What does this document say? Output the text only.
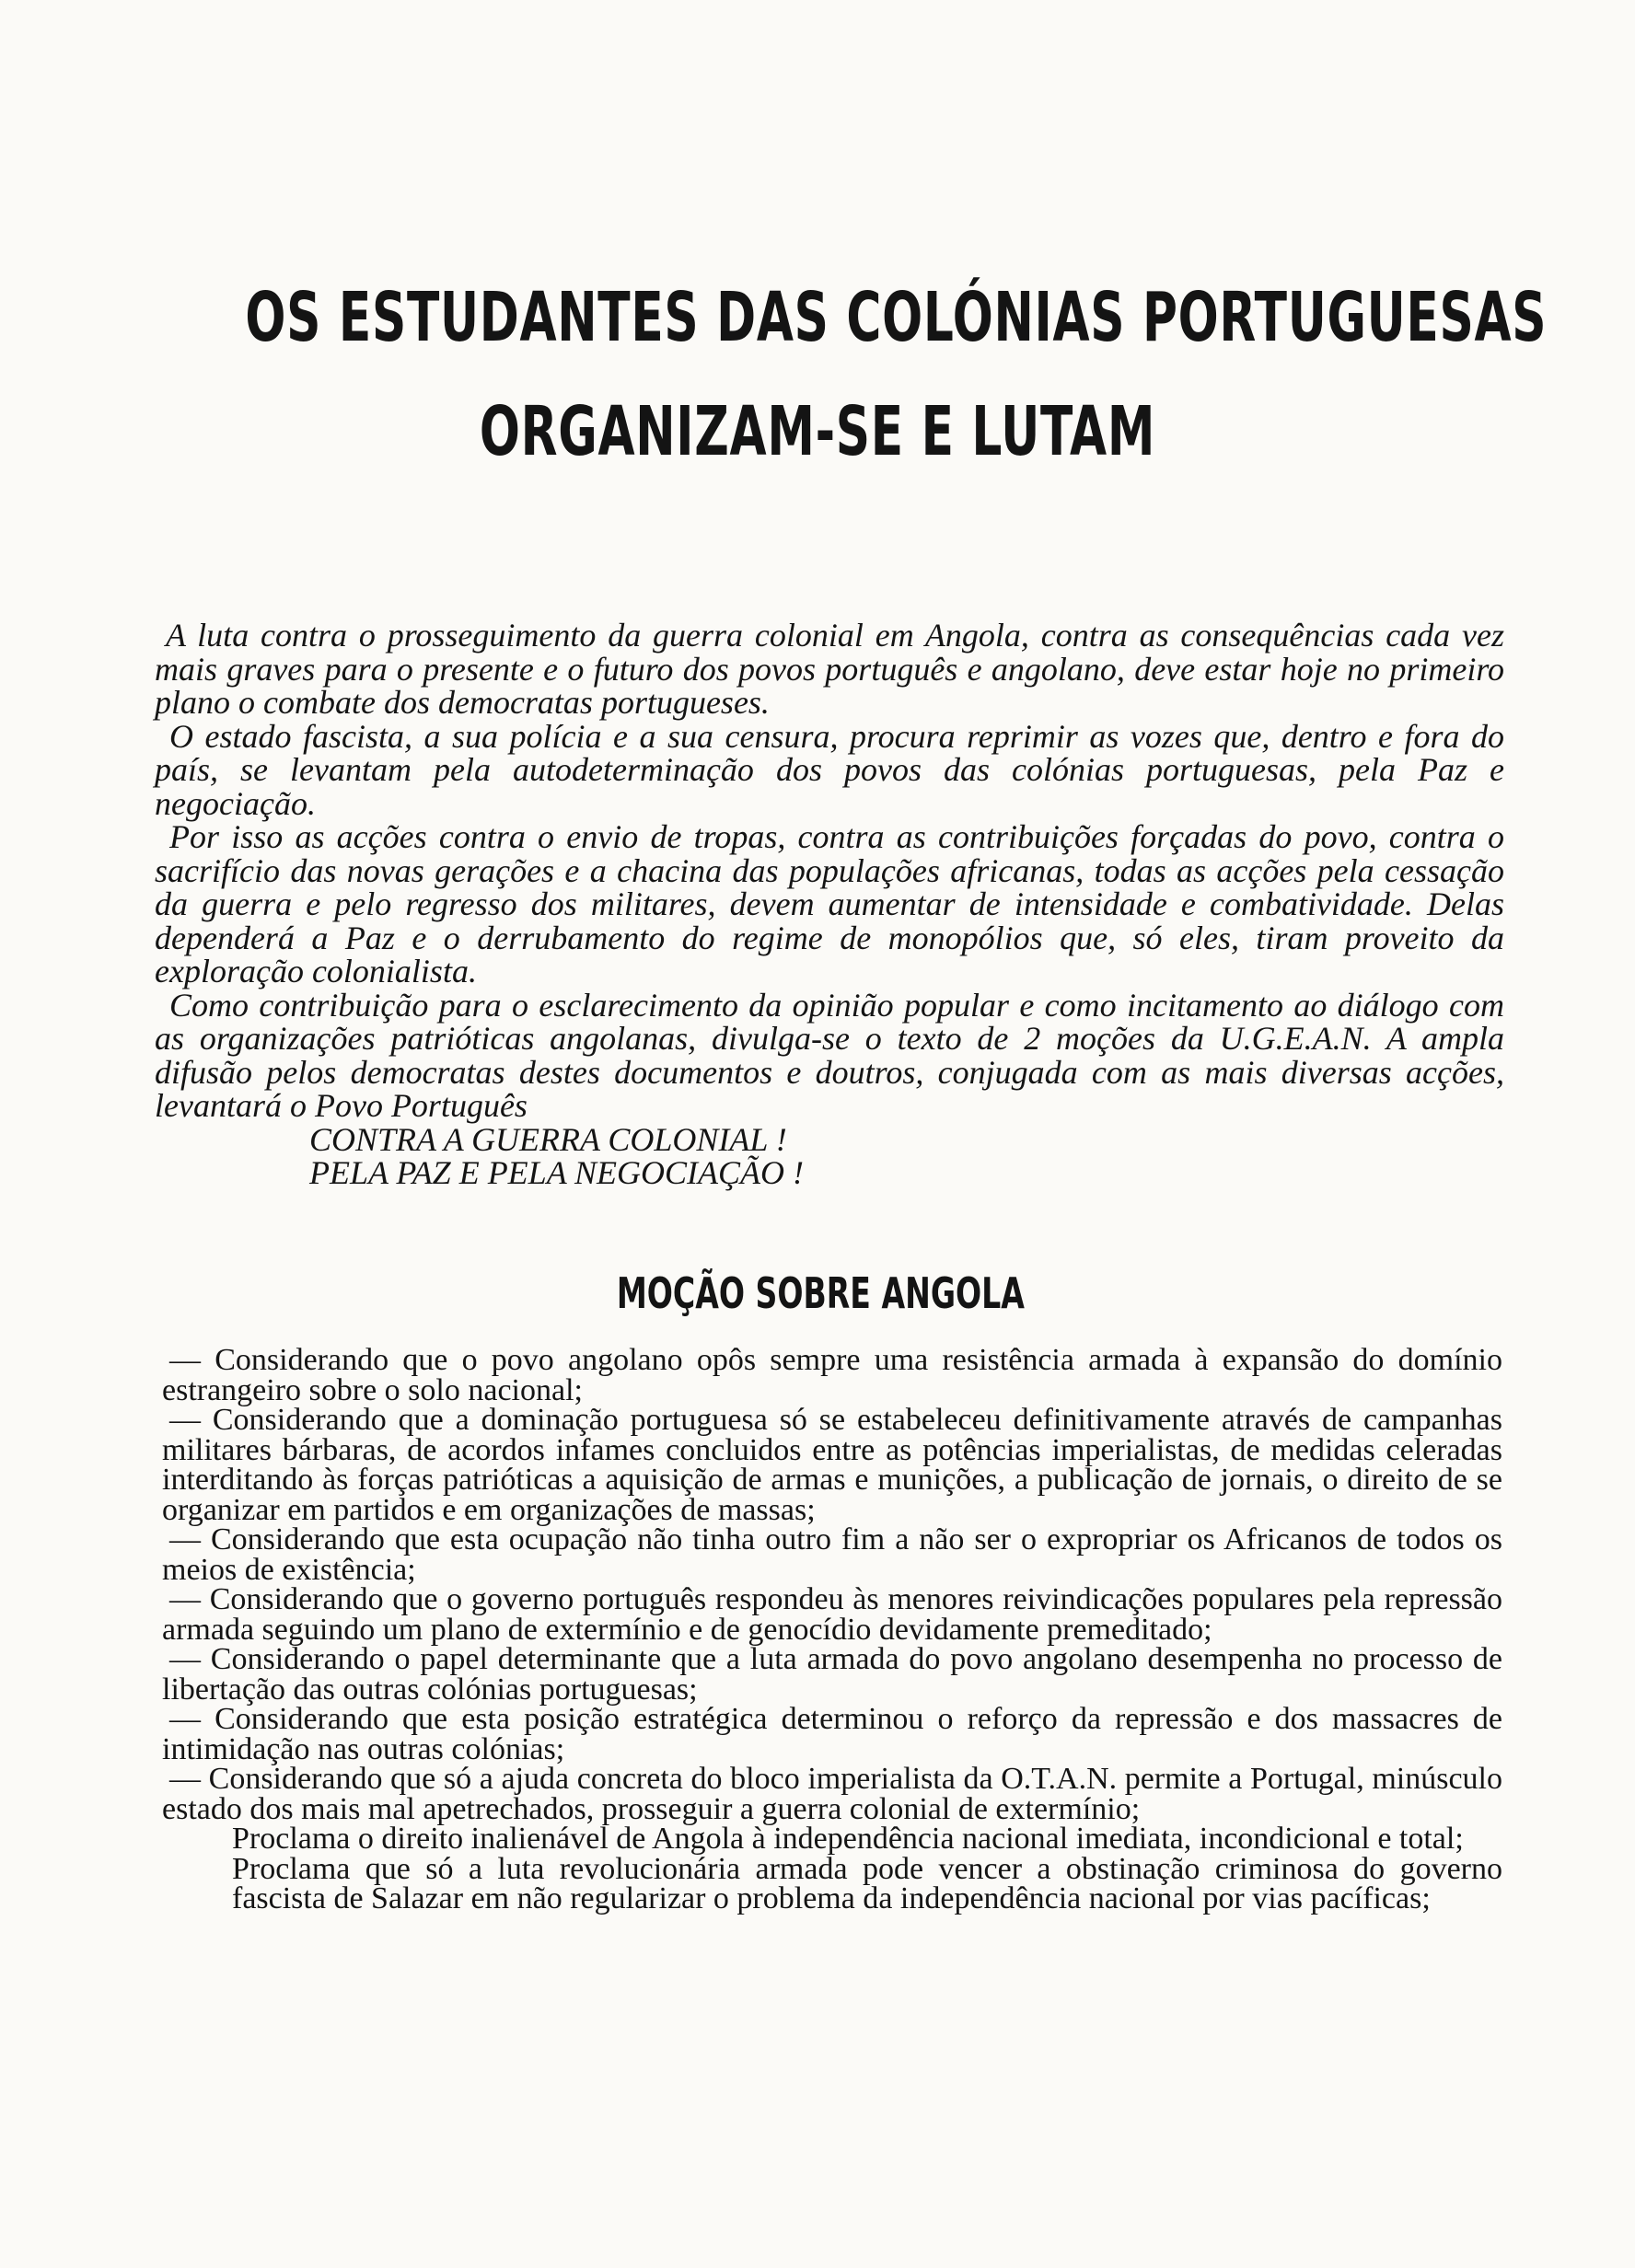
OS ESTUDANTES DAS COLÓNIAS PORTUGUESAS
ORGANIZAM-SE E LUTAM

A luta contra o prosseguimento da guerra colonial em Angola, contra as consequências cada vez mais graves para o presente e o futuro dos povos português e angolano, deve estar hoje no primeiro plano o combate dos democratas portugueses.

O estado fascista, a sua polícia e a sua censura, procura reprimir as vozes que, dentro e fora do país, se levantam pela autodeterminação dos povos das colónias portuguesas, pela Paz e negociação.

Por isso as acções contra o envio de tropas, contra as contribuições forçadas do povo, contra o sacrifício das novas gerações e a chacina das populações africanas, todas as acções pela cessação da guerra e pelo regresso dos militares, devem aumentar de intensidade e combatividade. Delas dependerá a Paz e o derrubamento do regime de monopólios que, só eles, tiram proveito da exploração colonialista.

Como contribuição para o esclarecimento da opinião popular e como incitamento ao diálogo com as organizações patrióticas angolanas, divulga-se o texto de 2 moções da U.G.E.A.N. A ampla difusão pelos democratas destes documentos e doutros, conjugada com as mais diversas acções, levantará o Povo Português

CONTRA A GUERRA COLONIAL !

PELA PAZ E PELA NEGOCIAÇÃO !

MOÇÃO SOBRE ANGOLA

— Considerando que o povo angolano opôs sempre uma resistência armada à expansão do domínio estrangeiro sobre o solo nacional;

— Considerando que a dominação portuguesa só se estabeleceu definitivamente através de campanhas militares bárbaras, de acordos infames concluidos entre as potências imperialistas, de medidas celeradas interditando às forças patrióticas a aquisição de armas e munições, a publicação de jornais, o direito de se organizar em partidos e em organizações de massas;

— Considerando que esta ocupação não tinha outro fim a não ser o expropriar os Africanos de todos os meios de existência;

— Considerando que o governo português respondeu às menores reivindicações populares pela repressão armada seguindo um plano de extermínio e de genocídio devidamente premeditado;

— Considerando o papel determinante que a luta armada do povo angolano desempenha no processo de libertação das outras colónias portuguesas;

— Considerando que esta posição estratégica determinou o reforço da repressão e dos massacres de intimidação nas outras colónias;

— Considerando que só a ajuda concreta do bloco imperialista da O.T.A.N. permite a Portugal, minúsculo estado dos mais mal apetrechados, prosseguir a guerra colonial de extermínio;

Proclama o direito inalienável de Angola à independência nacional imediata, incondicional e total;

Proclama que só a luta revolucionária armada pode vencer a obstinação criminosa do governo fascista de Salazar em não regularizar o problema da independência nacional por vias pacíficas;
